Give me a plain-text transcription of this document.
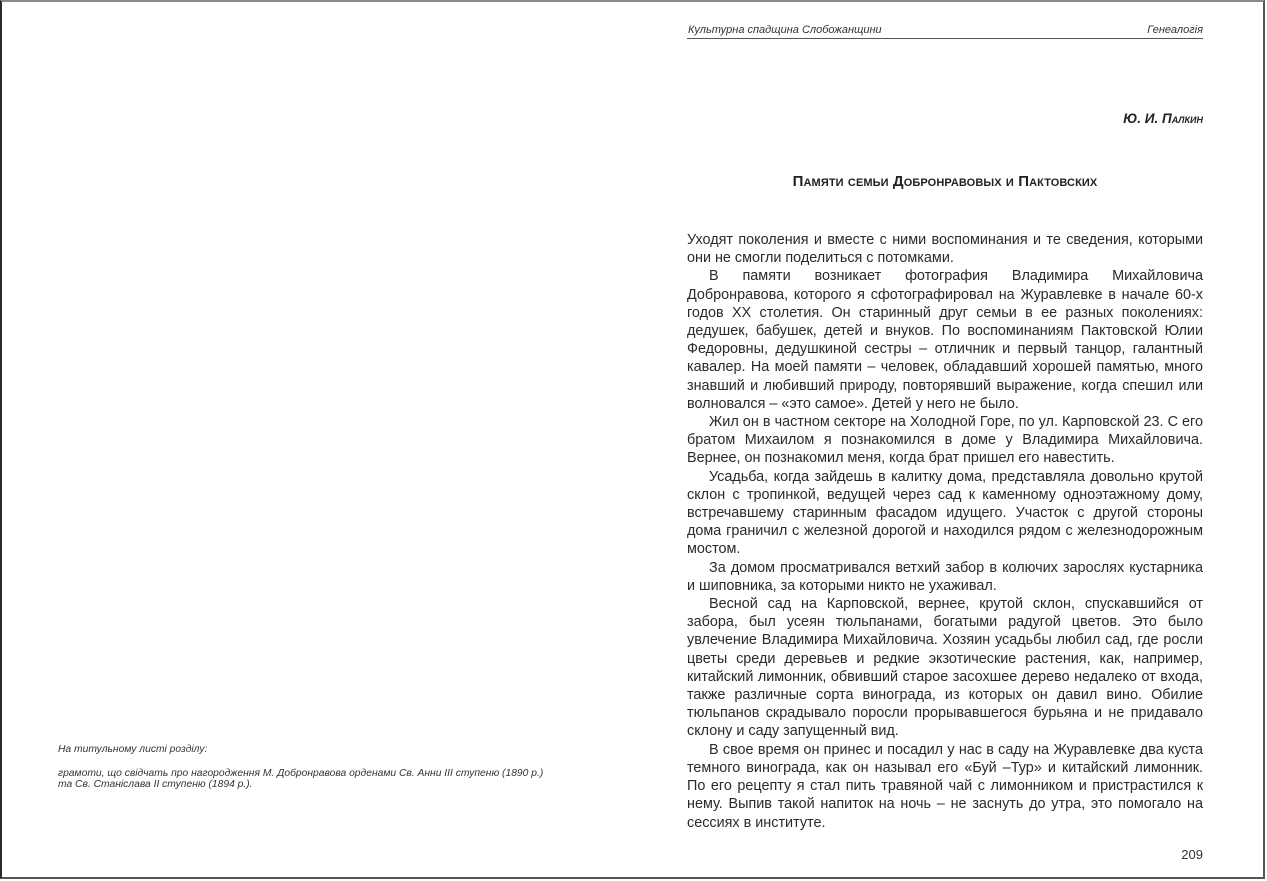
На титульному листі розділу:

грамоти, що свідчать про нагородження М. Добронравова орденами Св. Анни ІІІ ступеню (1890 р.)
та Св. Станіслава ІІ ступеню (1894 р.).

Культурна спадщина Слобожанщини	Генеалогія
Ю. И. Палкин
Памяти семьи Добронравовых и Пактовских

Уходят поколения и вместе с ними воспоминания и те сведения, которыми они не смогли поделиться с потомками.

В памяти возникает фотография Владимира Михайловича Добронравова, которого я сфотографировал на Журавлевке в начале 60-х годов XX столетия. Он старинный друг семьи в ее разных поколениях: дедушек, бабушек, детей и внуков. По воспоминаниям Пактовской Юлии Федоровны, дедушкиной сестры – отличник и первый танцор, галантный кавалер. На моей памяти – человек, обладавший хорошей памятью, много знавший и любивший природу, повторявший выражение, когда спешил или волновался – «это самое». Детей у него не было.

Жил он в частном секторе на Холодной Горе, по ул. Карповской 23. С его братом Михаилом я познакомился в доме у Владимира Михайловича. Вернее, он познакомил меня, когда брат пришел его навестить.

Усадьба, когда зайдешь в калитку дома, представляла довольно крутой склон с тропинкой, ведущей через сад к каменному одноэтажному дому, встречавшему старинным фасадом идущего. Участок с другой стороны дома граничил с железной дорогой и находился рядом с железнодорожным мостом.

За домом просматривался ветхий забор в колючих зарослях кустарника и шиповника, за которыми никто не ухаживал.

Весной сад на Карповской, вернее, крутой склон, спускавшийся от забора, был усеян тюльпанами, богатыми радугой цветов. Это было увлечение Владимира Михайловича. Хозяин усадьбы любил сад, где росли цветы среди деревьев и редкие экзотические растения, как, например, китайский лимонник, обвивший старое засохшее дерево недалеко от входа, также различные сорта винограда, из которых он давил вино. Обилие тюльпанов скрадывало поросли прорывавшегося бурьяна и не придавало склону и саду запущенный вид.

В свое время он принес и посадил у нас в саду на Журавлевке два куста темного винограда, как он называл его «Буй –Тур» и китайский лимонник. По его рецепту я стал пить травяной чай с лимонником и пристрастился к нему. Выпив такой напиток на ночь – не заснуть до утра, это помогало на сессиях в институте.

209
